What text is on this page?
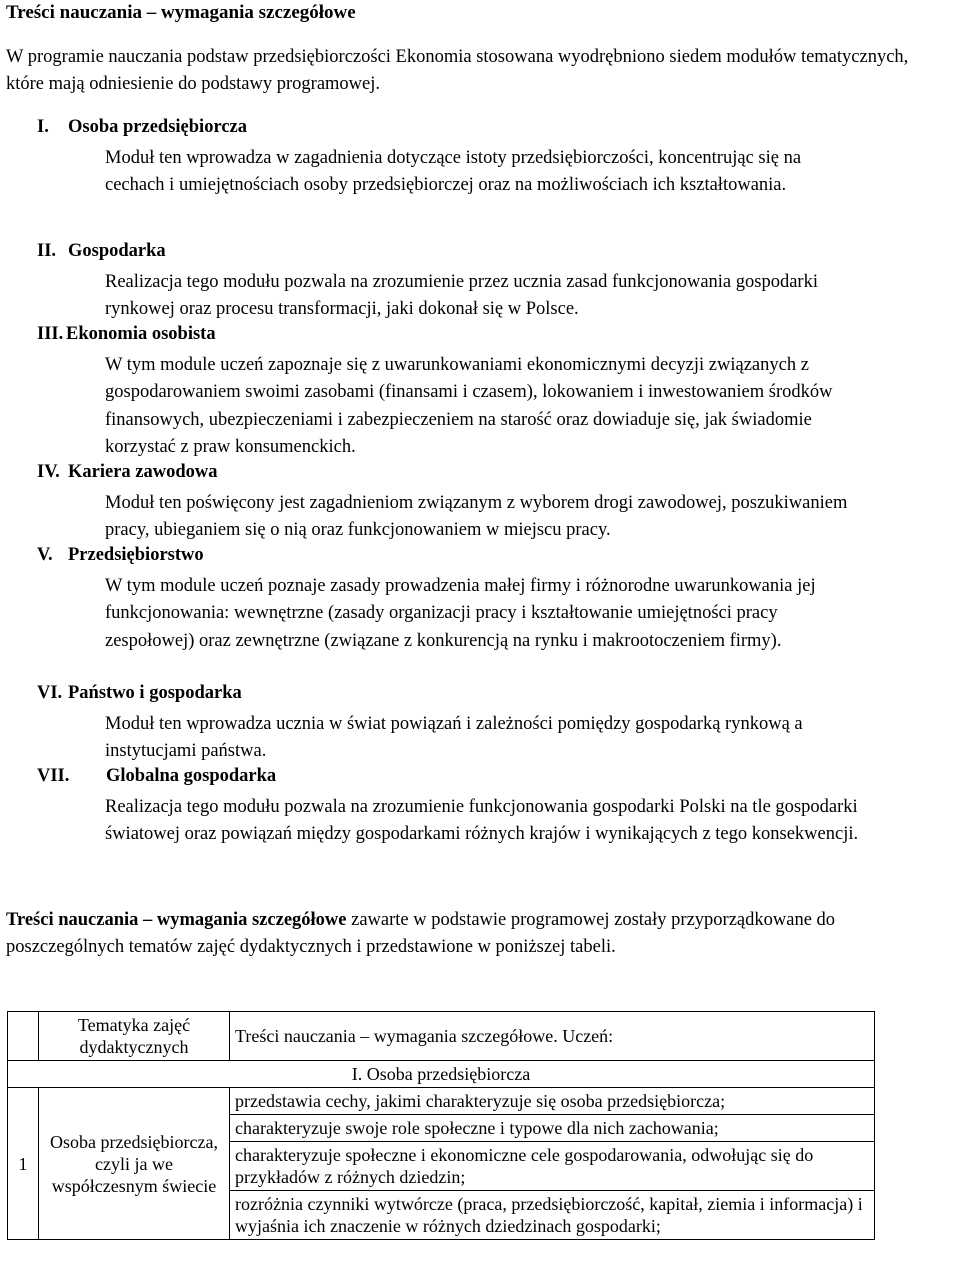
Treści nauczania – wymagania szczegółowe
W programie nauczania podstaw przedsiębiorczości Ekonomia stosowana wyodrębniono siedem modułów tematycznych, które mają odniesienie do podstawy programowej.
I. Osoba przedsiębiorcza
Moduł ten wprowadza w zagadnienia dotyczące istoty przedsiębiorczości, koncentrując się na cechach i umiejętnościach osoby przedsiębiorczej oraz na możliwościach ich kształtowania.
II. Gospodarka
Realizacja tego modułu pozwala na zrozumienie przez ucznia zasad funkcjonowania gospodarki rynkowej oraz procesu transformacji, jaki dokonał się w Polsce.
III. Ekonomia osobista
W tym module uczeń zapoznaje się z uwarunkowaniami ekonomicznymi decyzji związanych z gospodarowaniem swoimi zasobami (finansami i czasem), lokowaniem i inwestowaniem środków finansowych, ubezpieczeniami i zabezpieczeniem na starość oraz dowiaduje się, jak świadomie korzystać z praw konsumenckich.
IV. Kariera zawodowa
Moduł ten poświęcony jest zagadnieniom związanym z wyborem drogi zawodowej, poszukiwaniem pracy, ubieganiem się o nią oraz funkcjonowaniem w miejscu pracy.
V. Przedsiębiorstwo
W tym module uczeń poznaje zasady prowadzenia małej firmy i różnorodne uwarunkowania jej funkcjonowania: wewnętrzne (zasady organizacji pracy i kształtowanie umiejętności pracy zespołowej) oraz zewnętrzne (związane z konkurencją na rynku i makrootoczeniem firmy).
VI. Państwo i gospodarka
Moduł ten wprowadza ucznia w świat powiązań i zależności pomiędzy gospodarką rynkową a instytucjami państwa.
VII. Globalna gospodarka
Realizacja tego modułu pozwala na zrozumienie funkcjonowania gospodarki Polski na tle gospodarki światowej oraz powiązań między gospodarkami różnych krajów i wynikających z tego konsekwencji.
Treści nauczania – wymagania szczegółowe zawarte w podstawie programowej zostały przyporządkowane do poszczególnych tematów zajęć dydaktycznych i przedstawione w poniższej tabeli.
	Tematyka zajęć dydaktycznych	Treści nauczania – wymagania szczegółowe. Uczeń:
I. Osoba przedsiębiorcza		
1	Osoba przedsiębiorcza, czyli ja we współczesnym świecie	przedstawia cechy, jakimi charakteryzuje się osoba przedsiębiorcza;
		charakteryzuje swoje role społeczne i typowe dla nich zachowania;
		charakteryzuje społeczne i ekonomiczne cele gospodarowania, odwołując się do przykładów z różnych dziedzin;
		rozróżnia czynniki wytwórcze (praca, przedsiębiorczość, kapitał, ziemia i informacja) i wyjaśnia ich znaczenie w różnych dziedzinach gospodarki;
